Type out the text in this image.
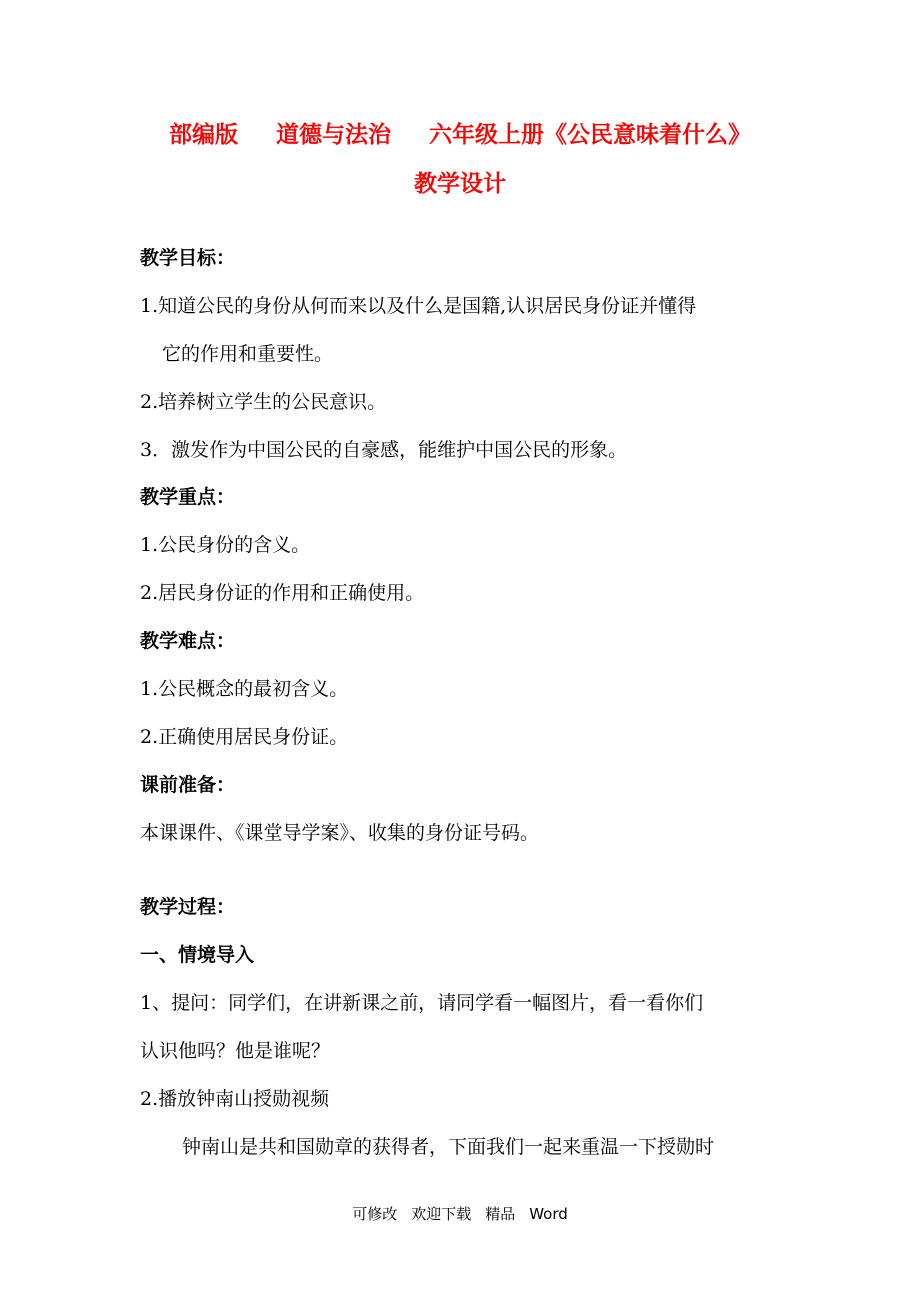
部编版 道德与法治 六年级上册《公民意味着什么》
教学设计
教学目标：
1.知道公民的身份从何而来以及什么是国籍,认识居民身份证并懂得
它的作用和重要性。
2.培养树立学生的公民意识。
3．激发作为中国公民的自豪感，能维护中国公民的形象。
教学重点：
1.公民身份的含义。
2.居民身份证的作用和正确使用。
教学难点：
1.公民概念的最初含义。
2.正确使用居民身份证。
课前准备：
本课课件、《课堂导学案》、收集的身份证号码。
教学过程：
一、情境导入
1、提问：同学们，在讲新课之前，请同学看一幅图片，看一看你们
认识他吗？他是谁呢？
2.播放钟南山授勋视频
钟南山是共和国勋章的获得者，下面我们一起来重温一下授勋时
可修改 欢迎下载 精品 Word
